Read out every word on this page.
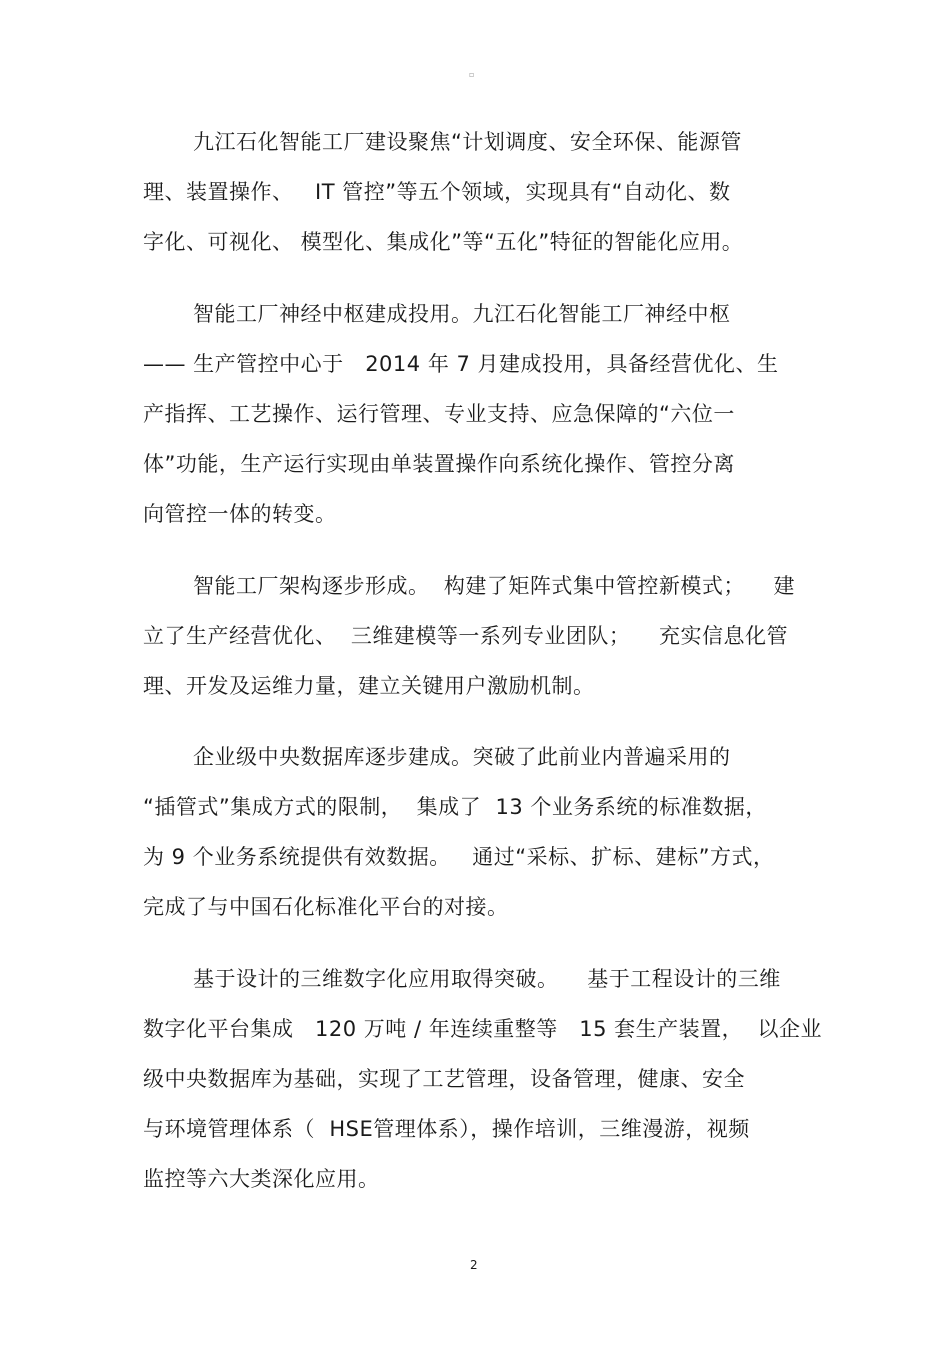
▫
九江石化智能工厂建设聚焦“计划调度、安全环保、能源管
理、装置操作、   IT 管控”等五个领域，实现具有“自动化、数
字化、可视化、 模型化、集成化”等“五化”特征的智能化应用。
智能工厂神经中枢建成投用。九江石化智能工厂神经中枢
—— 生产管控中心于   2014 年 7 月建成投用，具备经营优化、生
产指挥、工艺操作、运行管理、专业支持、应急保障的“六位一
体”功能，生产运行实现由单装置操作向系统化操作、管控分离
向管控一体的转变。
智能工厂架构逐步形成。  构建了矩阵式集中管控新模式；    建
立了生产经营优化、  三维建模等一系列专业团队；    充实信息化管
理、开发及运维力量，建立关键用户激励机制。
企业级中央数据库逐步建成。突破了此前业内普遍采用的
“插管式”集成方式的限制，  集成了  13 个业务系统的标准数据，
为 9 个业务系统提供有效数据。   通过“采标、扩标、建标”方式，
完成了与中国石化标准化平台的对接。
基于设计的三维数字化应用取得突破。    基于工程设计的三维
数字化平台集成   120 万吨 / 年连续重整等   15 套生产装置，  以企业
级中央数据库为基础，实现了工艺管理，设备管理，健康、安全
与环境管理体系（  HSE管理体系），操作培训，三维漫游，视频
监控等六大类深化应用。
2
